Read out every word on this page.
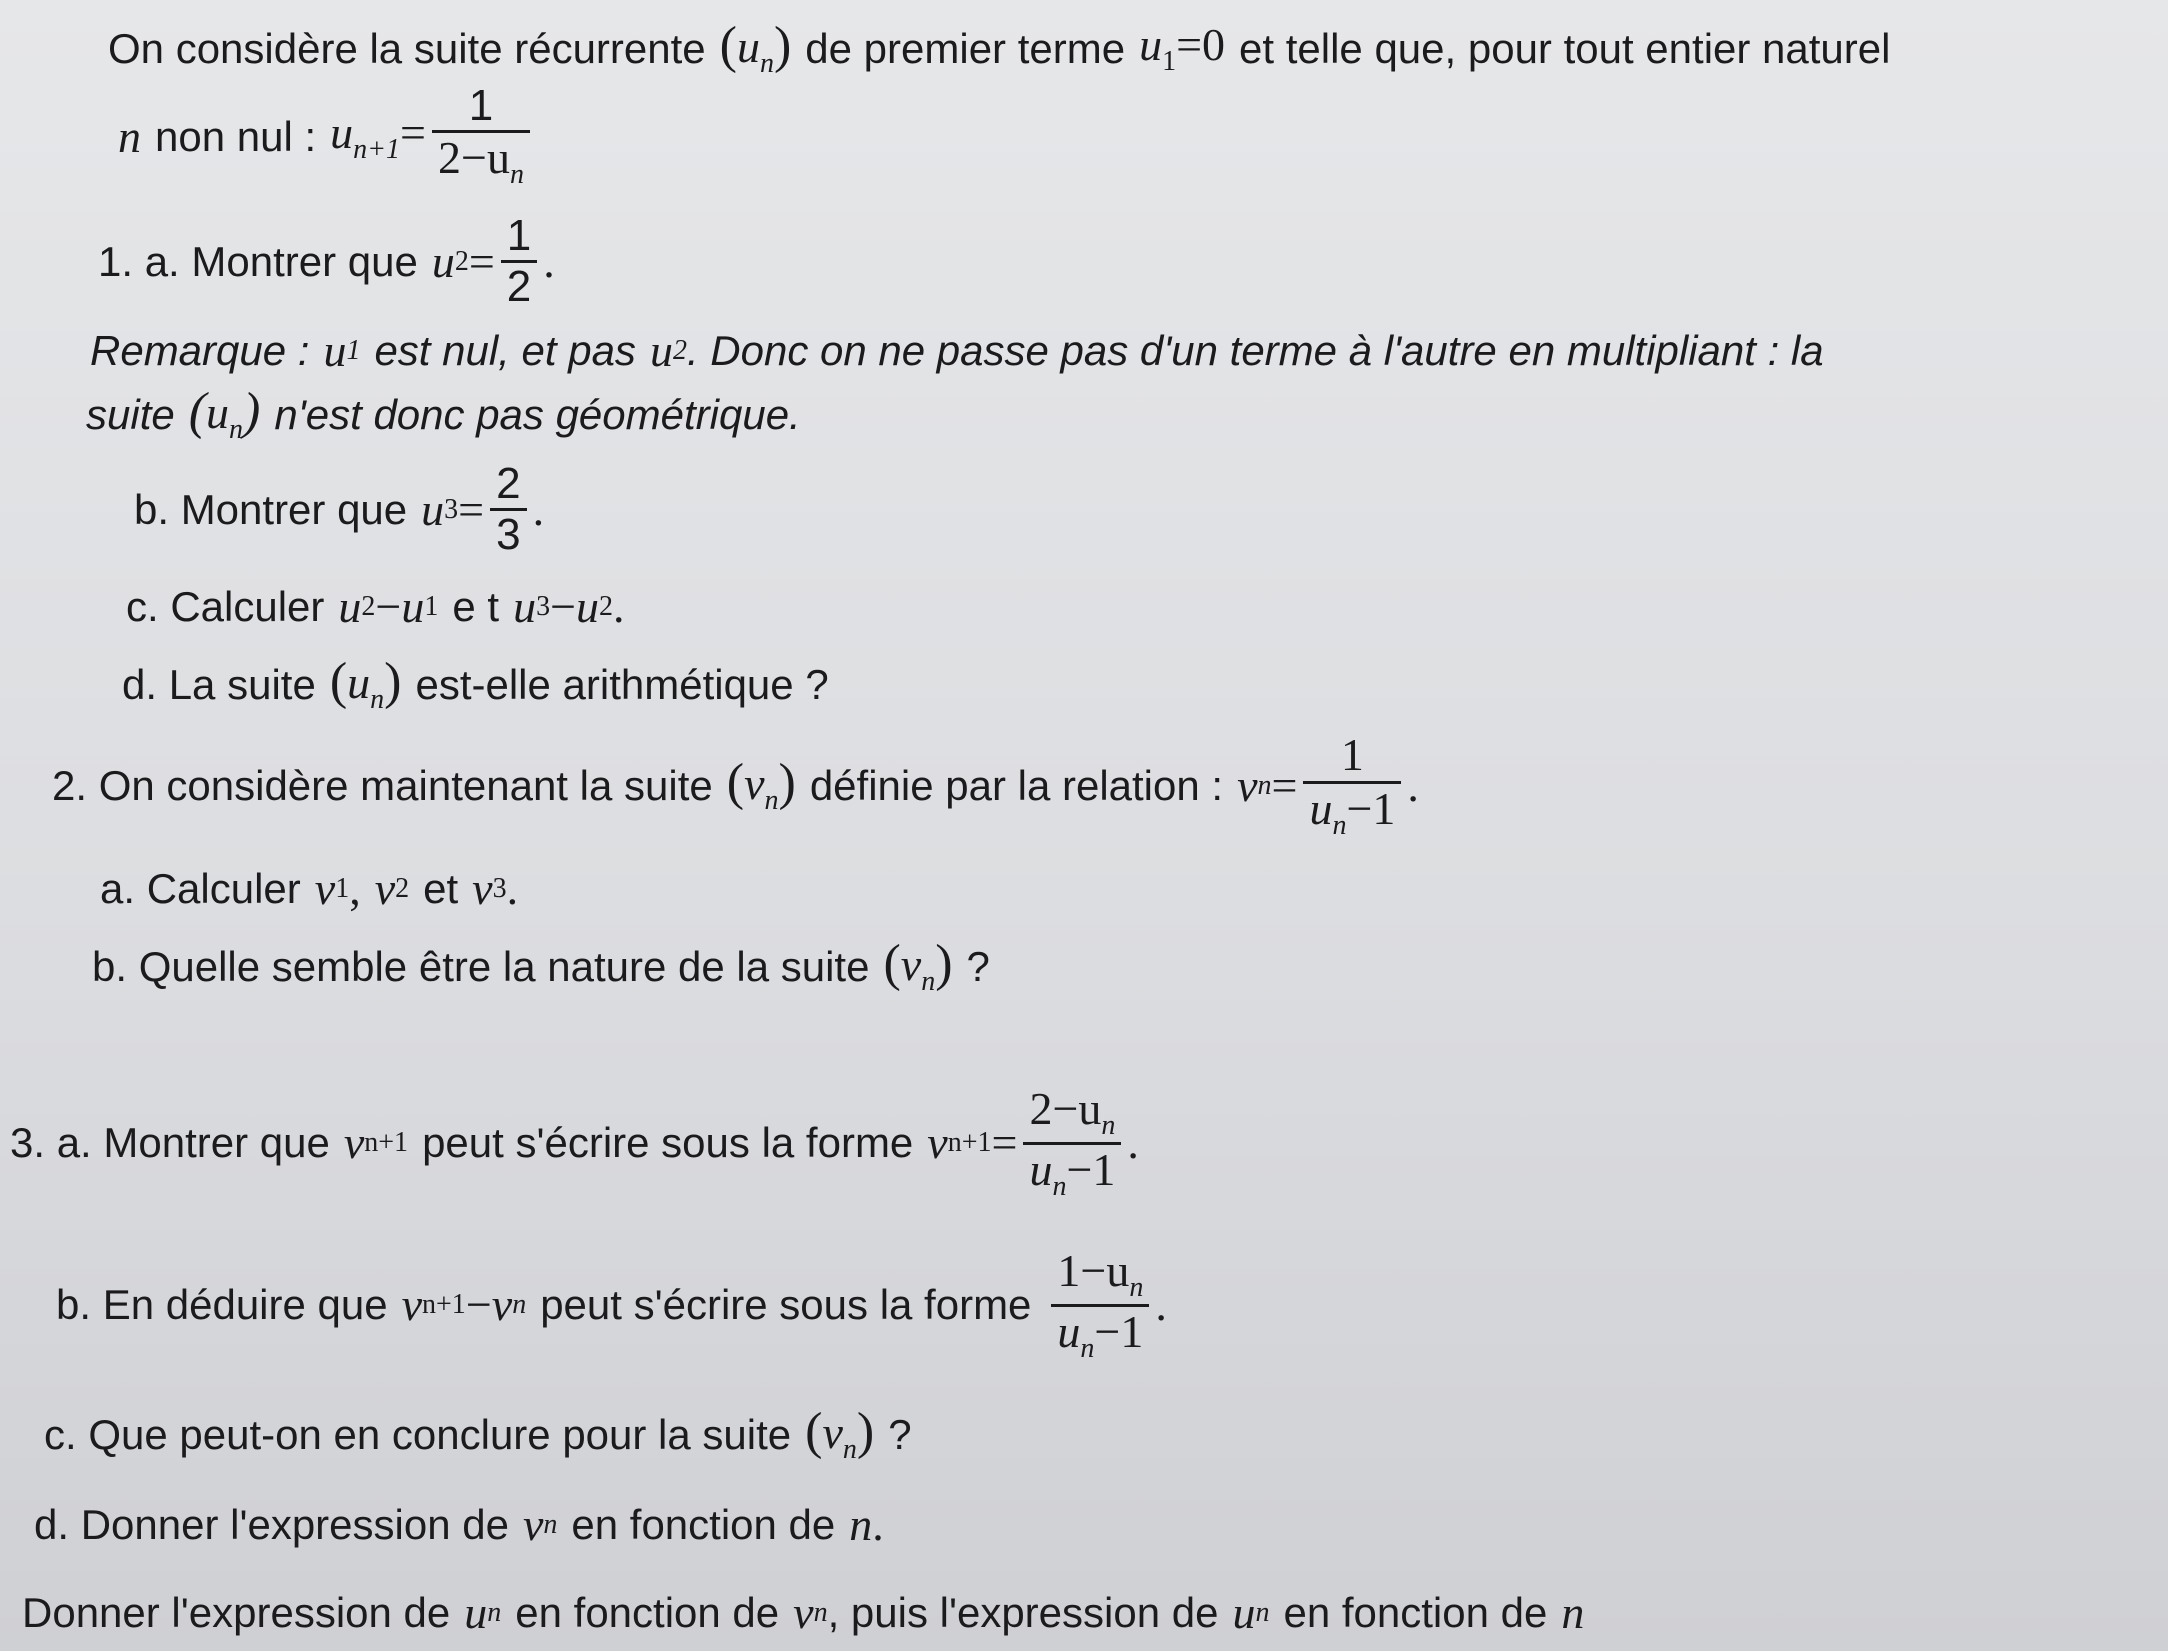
On considère la suite récurrente $(u_n)$ de premier terme $u_1=0$ et telle que, pour tout entier naturel
n non nul : $u_{n+1}= \frac{1}{2-u_n}$
1. a. Montrer que u $2 = \frac{1}{2}$ .
Remarque : u 1 est nul, et pas u 2 . Donc on ne passe pas d'un terme à l'autre en multipliant : la
suite $(u_n)$ n'est donc pas géométrique.
b. Montrer que u $3 = \frac{2}{3}$ .
c. Calculer u 2 − u 1 e t u 3 − u 2 .
d. La suite $(u_n)$ est-elle arithmétique ?
2. On considère maintenant la suite $(v_n)$ définie par la relation : v $n = \frac{1}{u_n-1}$ .
a. Calculer v 1 , v 2 et v 3 .
b. Quelle semble être la nature de la suite $(v_n)$ ?
3. a. Montrer que v n+1 peut s'écrire sous la forme v $n+1 = \frac{2-u_n}{u_n-1}$ .
b. En déduire que v n+1 − v n peut s'écrire sous la forme $\frac{1-u_n}{u_n-1}$ .
c. Que peut-on en conclure pour la suite $(v_n)$ ?
d. Donner l'expression de v n en fonction de n .
Donner l'expression de u n en fonction de v n , puis l'expression de u n en fonction de n
